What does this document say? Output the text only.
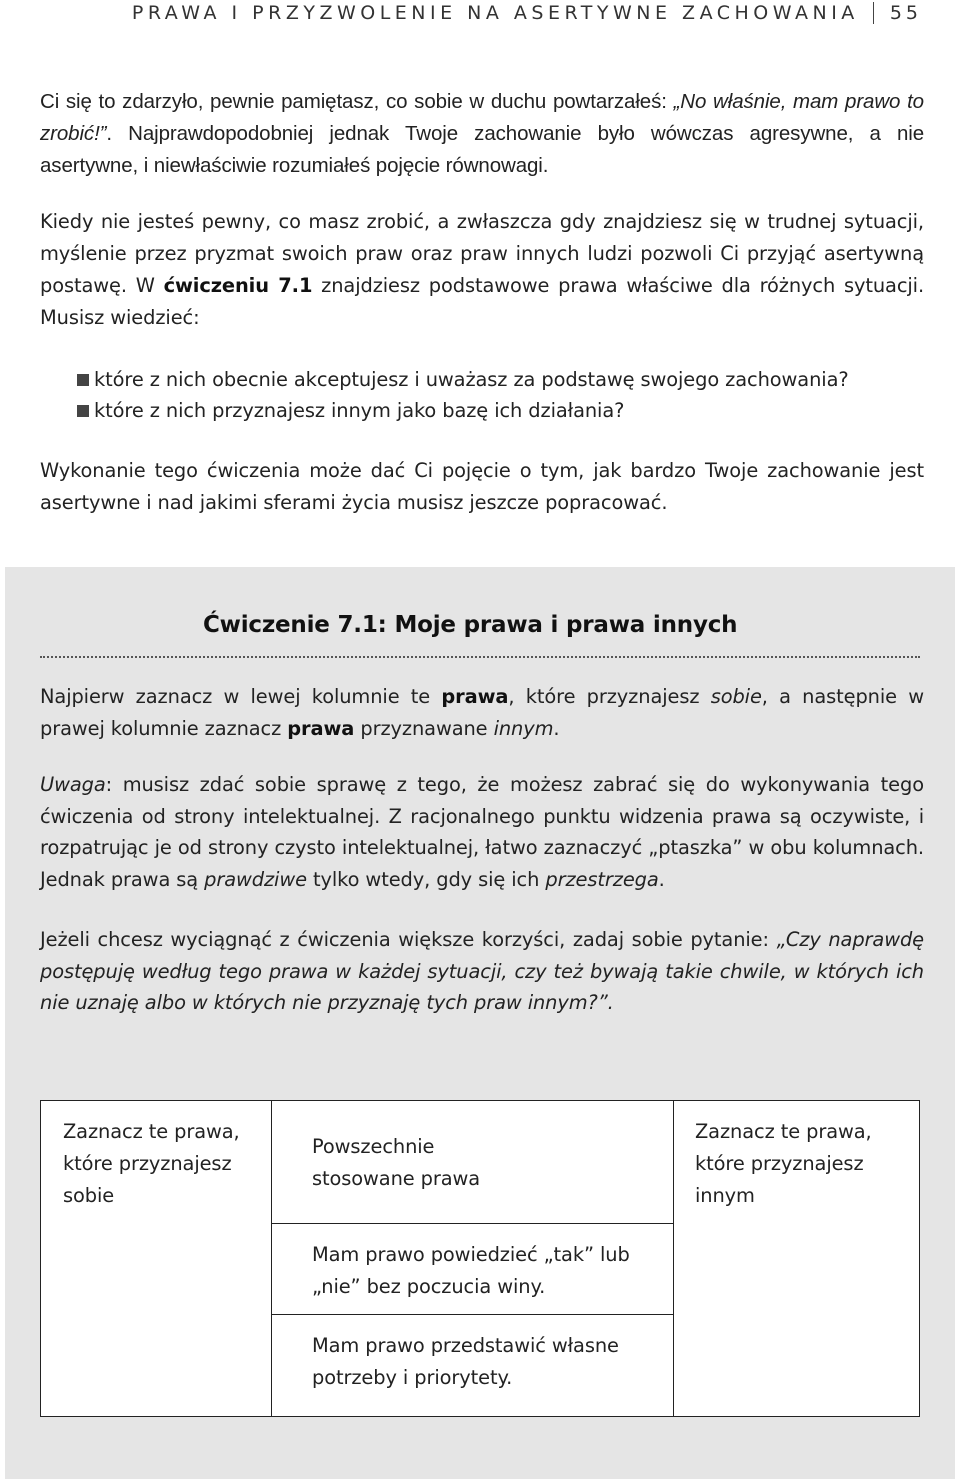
PRAWA I PRZYZWOLENIE NA ASERTYWNE ZACHOWANIA 55

Ci się to zdarzyło, pewnie pamiętasz, co sobie w duchu powtarzałeś: „No właśnie, mam prawo to zrobić!”. Najprawdopodobniej jednak Twoje zachowanie było wówczas agresywne, a nie asertywne, i niewłaściwie rozumiałeś pojęcie równowagi.

Kiedy nie jesteś pewny, co masz zrobić, a zwłaszcza gdy znajdziesz się w trudnej sytuacji, myślenie przez pryzmat swoich praw oraz praw innych ludzi pozwoli Ci przyjąć asertywną postawę. W ćwiczeniu 7.1 znajdziesz podstawowe prawa właściwe dla różnych sytuacji. Musisz wiedzieć:

które z nich obecnie akceptujesz i uważasz za podstawę swojego zachowania?
które z nich przyznajesz innym jako bazę ich działania?

Wykonanie tego ćwiczenia może dać Ci pojęcie o tym, jak bardzo Twoje zachowanie jest asertywne i nad jakimi sferami życia musisz jeszcze popracować.

Ćwiczenie 7.1: Moje prawa i prawa innych

Najpierw zaznacz w lewej kolumnie te prawa, które przyznajesz sobie, a następnie w prawej kolumnie zaznacz prawa przyznawane innym.

Uwaga: musisz zdać sobie sprawę z tego, że możesz zabrać się do wykonywania tego ćwiczenia od strony intelektualnej. Z racjonalnego punktu widzenia prawa są oczywiste, i rozpatrując je od strony czysto intelektualnej, łatwo zaznaczyć „ptaszka” w obu kolumnach. Jednak prawa są prawdziwe tylko wtedy, gdy się ich przestrzega.

Jeżeli chcesz wyciągnąć z ćwiczenia większe korzyści, zadaj sobie pytanie: „Czy naprawdę postępuję według tego prawa w każdej sytuacji, czy też bywają takie chwile, w których ich nie uznaję albo w których nie przyznaję tych praw innym?”.

Zaznacz te prawa, które przyznajesz sobie
Powszechnie stosowane prawa
Zaznacz te prawa, które przyznajesz innym
Mam prawo powiedzieć „tak” lub „nie” bez poczucia winy.
Mam prawo przedstawić własne potrzeby i priorytety.
